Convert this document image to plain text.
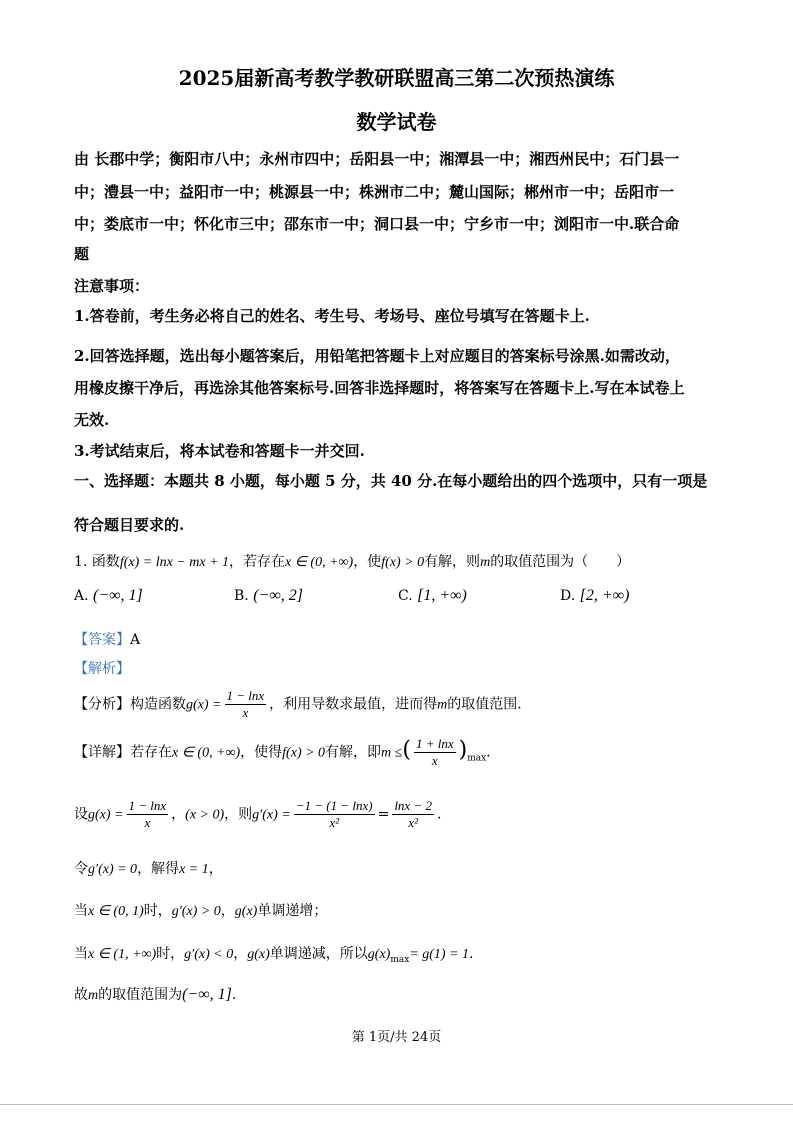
2025届新高考教学教研联盟高三第二次预热演练
数学试卷
由 长郡中学；衡阳市八中；永州市四中；岳阳县一中；湘潭县一中；湘西州民中；石门县一
中；澧县一中；益阳市一中；桃源县一中；株洲市二中；麓山国际；郴州市一中；岳阳市一
中；娄底市一中；怀化市三中；邵东市一中；洞口县一中；宁乡市一中；浏阳市一中.联合命
题
注意事项：
1.答卷前，考生务必将自己的姓名、考生号、考场号、座位号填写在答题卡上.
2.回答选择题，选出每小题答案后，用铅笔把答题卡上对应题目的答案标号涂黑.如需改动，
用橡皮擦干净后，再选涂其他答案标号.回答非选择题时，将答案写在答题卡上.写在本试卷上
无效.
3.考试结束后，将本试卷和答题卡一并交回.
一、选择题：本题共 8 小题，每小题 5 分，共 40 分.在每小题给出的四个选项中，只有一项是
符合题目要求的.
1. 函数f(x) = lnx − mx + 1，若存在x ∈ (0, +∞)，使f(x) > 0有解，则m的取值范围为（　　）
A. (−∞, 1]	B. (−∞, 2]	C. [1, +∞)	D. [2, +∞)
【答案】A
【解析】
【分析】构造函数$g(x) = \frac{1 - \ln x}{x}$ ，利用导数求最值，进而得m的取值范围.
【详解】若存在x ∈ (0, +∞)，使得f(x) > 0有解，即m ≤( $\frac{1 + \ln x}{x} )_{max}$.
设$g(x) = \frac{1 - \ln x}{x}$ ，(x > 0)，则$g'(x) = \frac{-1 - (1 - \ln x)}{\text{x²}} = \frac{\ln x - 2}{\text{x²}}$ .
令g′(x) = 0，解得x = 1，
当x ∈ (0, 1)时，g′(x) > 0，g(x)单调递增；
当x ∈ (1, +∞)时，g′(x) < 0，g(x)单调递减，所以$g(x)_{max}= g(1) = 1$.
故m的取值范围为(−∞, 1].
第 1页/共 24页
